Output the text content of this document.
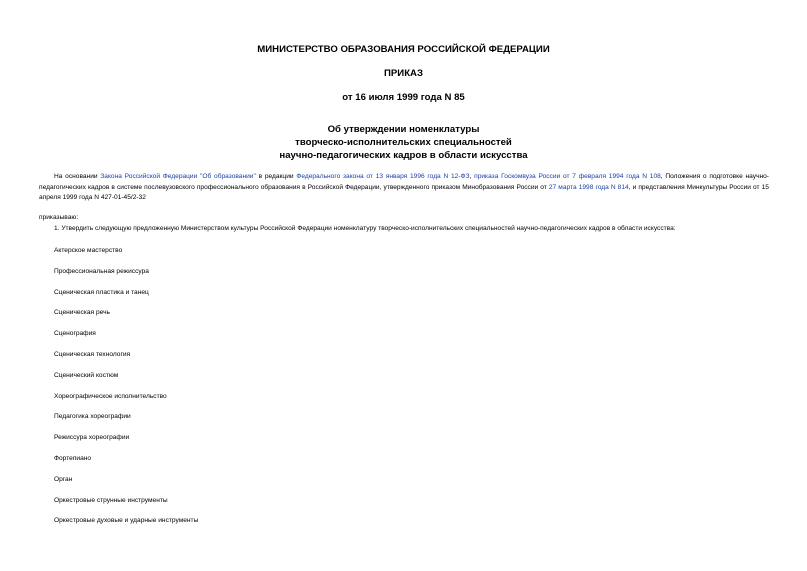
МИНИСТЕРСТВО ОБРАЗОВАНИЯ РОССИЙСКОЙ ФЕДЕРАЦИИ
ПРИКАЗ
от 16 июля 1999 года N 85
Об утверждении номенклатуры
творческо-исполнительских специальностей
научно-педагогических кадров в области искусства
На основании Закона Российской Федерации "Об образовании" в редакции Федерального закона от 13 января 1996 года N 12-ФЗ, приказа Госкомвуза России от 7 февраля 1994 года N 108, Положения о подготовке научно-педагогических кадров в системе послевузовского профессионального образования в Российской Федерации, утвержденного приказом Минобразования России от 27 марта 1998 года N 814, и представления Минкультуры России от 15 апреля 1999 года N 427-01-45/2-32
приказываю:
1. Утвердить следующую предложенную Министерством культуры Российской Федерации номенклатуру творческо-исполнительских специальностей научно-педагогических кадров в области искусства:
Актерское мастерство
Профессиональная режиссура
Сценическая пластика и танец
Сценическая речь
Сценография
Сценическая технология
Сценический костюм
Хореографическое исполнительство
Педагогика хореографии
Режиссура хореографии
Фортепиано
Орган
Оркестровые струнные инструменты
Оркестровые духовые и ударные инструменты
